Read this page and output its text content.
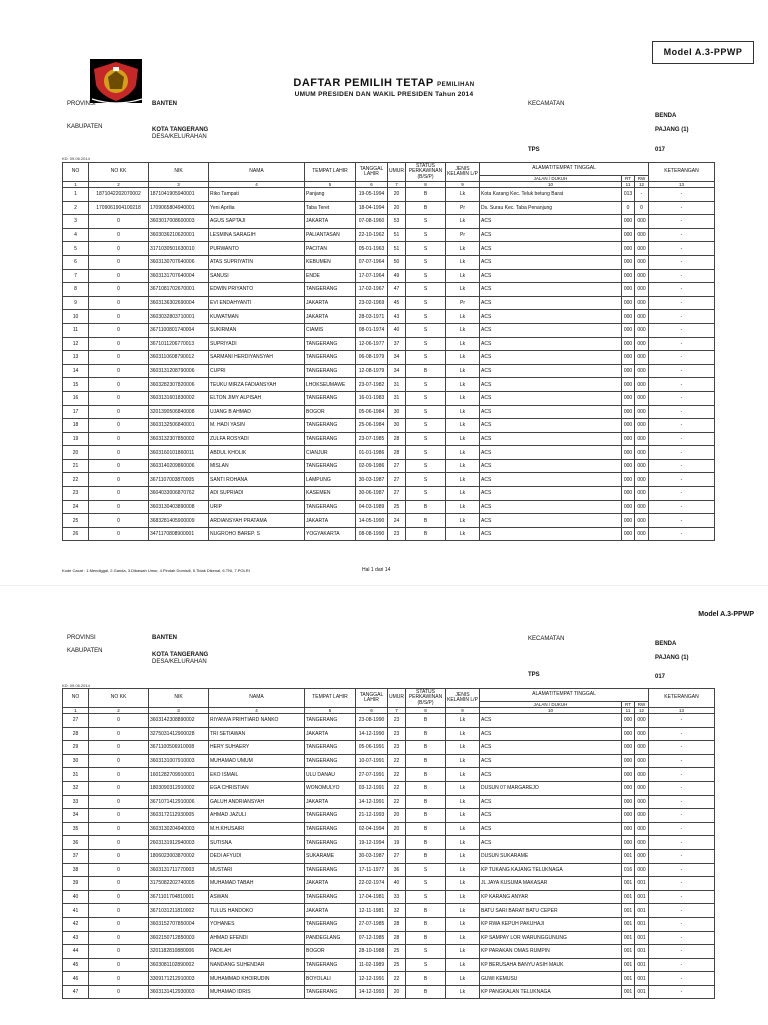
Model A.3-PPWP
DAFTAR PEMILIH TETAP PEMILIHAN
UMUM PRESIDEN DAN WAKIL PRESIDEN Tahun 2014
PROVINSI	BANTEN	KECAMATAN
BENDA
KABUPATEN	KOTA TANGERANG	PAJANG (1)
DESA/KELURAHAN
TPS	017
KD: 09.06.2014
NO	NO KK	NIK	NAMA	TEMPAT LAHIR	TANGGAL LAHIR	UMUR	STATUS PERKAWINAN (B/S/P)	JENIS KELAMIN L/P	ALAMAT/TEMPAT TINGGAL			KETERANGAN
									JALAN / DUKUH	RT	RW	
1	2	3	4	5	6	7	8	9	10	11	12	13
1	1871042202070002	1871041905940001	Riko Tampati	Panjang	19-05-1994	20	B	Lk	Kota Karang Kec. Teluk betung Barat	013	-	-
2	1709061904100218	1709065804940001	Yeni Aprilia	Taba Teret	18-04-1994	20	B	Pr	Ds. Surau Kec. Taba Penanjung	0	0	-
3	0	3603017008600003	AGUS SAPTAJI	JAKARTA	07-08-1960	53	S	Lk	ACS	000	000	-
4	0	3603036210620001	LESMINA SARAGIH	PALIANTASAN	22-10-1962	51	S	Pr	ACS	000	000	-
5	0	3171030501630010	PURWANTO	PACITAN	05-01-1963	51	S	Lk	ACS	000	000	-
6	0	3603130707640006	ATAS SUPRIYATIN	KEBUMEN	07-07-1964	50	S	Lk	ACS	000	000	-
7	0	3603131707640004	SANUSI	ENDE	17-07-1964	49	S	Lk	ACS	000	000	-
8	0	3671081702670001	EDWIN PRIYANTO	TANGERANG	17-02-1967	47	S	Lk	ACS	000	000	-
9	0	3603136302690004	EVI ENDAHYANTI	JAKARTA	23-02-1969	45	S	Pr	ACS	000	000	-
10	0	3603032803710001	KUWATMAN	JAKARTA	28-03-1971	43	S	Lk	ACS	000	000	-
11	0	3671100801740004	SUKIRMAN	CIAMIS	08-01-1974	40	S	Lk	ACS	000	000	-
12	0	3671011206770013	SUPRIYADI	TANGERANG	12-06-1977	37	S	Lk	ACS	000	000	-
13	0	3603110608790012	SARMANI HERDIYANSYAH	TANGERANG	06-08-1979	34	S	Lk	ACS	000	000	-
14	0	3603131208790006	CUPRI	TANGERANG	12-08-1979	34	B	Lk	ACS	000	000	-
15	0	3603282307820006	TEUKU MIRZA FADIANSYAH	LHOKSEUMAWE	23-07-1982	31	S	Lk	ACS	000	000	-
16	0	3603131601830002	ELTON JIMY ALPISAH	TANGERANG	16-01-1983	31	S	Lk	ACS	000	000	-
17	0	3201390506840008	UJANG B AHMAD	BOGOR	05-06-1984	30	S	Lk	ACS	000	000	-
18	0	3603132506840001	M. HADI YASIN	TANGERANG	25-06-1984	30	S	Lk	ACS	000	000	-
19	0	3603132307850002	ZULFA ROSYADI	TANGERANG	23-07-1985	28	S	Lk	ACS	000	000	-
20	0	3603160101860011	ABDUL KHOLIK	CIANJUR	01-01-1986	28	S	Lk	ACS	000	000	-
21	0	3603140209860006	MISLAN	TANGERANG	02-09-1986	27	S	Lk	ACS	000	000	-
22	0	3671107003870005	SANTI ROHANA	LAMPUNG	30-03-1987	27	S	Lk	ACS	000	000	-
23	0	3604033006870762	ADI SUPRIADI	KASEMEN	30-06-1987	27	S	Lk	ACS	000	000	-
24	0	3603130403890008	URIP	TANGERANG	04-03-1989	25	B	Lk	ACS	000	000	-
25	0	3683281405900009	ARDIANSYAH PRATAMA	JAKARTA	14-05-1990	24	B	Lk	ACS	000	000	-
26	0	3471170808900001	NUGROHO BAREP. S	YOGYAKARTA	08-08-1990	23	B	Lk	ACS	000	000	-
Kode Cacat : 1.Mendiggal, 2.Ganda, 3.Dibawah Umur, 4.Pindah Domisili, 5.Tidak Dikenal, 6.TNI, 7.POLRI	Hal 1 dari 14
Model A.3-PPWP
PROVINSI	BANTEN	KECAMATAN
BENDA
KABUPATEN
KOTA TANGERANG	PAJANG (1)
DESA/KELURAHAN
TPS	017
KD: 09.06.2014
NO	NO KK	NIK	NAMA	TEMPAT LAHIR	TANGGAL LAHIR	UMUR	STATUS PERKAWINAN (B/S/P)	JENIS KELAMIN L/P	ALAMAT/TEMPAT TINGGAL			KETERANGAN
									JALAN / DUKUH	RT	RW	
1	2	3	4	5	6	7	8	9	10	11	12	13
27	0	3603142308890002	RIYANVA PRIHTIARD NANKO	TANGERANG	23-08-1990	23	B	Lk	ACS	000	000	-
28	0	3275031412900028	TRI SETIAWAN	JAKARTA	14-12-1990	23	B	Lk	ACS	000	000	-
29	0	3671100506910008	HERY SUHAERY	TANGERANG	05-06-1991	23	B	Lk	ACS	000	000	-
30	0	3603131007910003	MUHAMAD UMUM	TANGERANG	10-07-1991	22	B	Lk	ACS	000	000	-
31	0	1601282709910001	EKO ISMAIL	ULU DANAU	27-07-1991	22	B	Lk	ACS	000	000	-
32	0	1803090312910002	EGA CHRISTIAN	WONOMULYO	03-12-1991	22	B	Lk	DUSUN 07 MARGAREJO	000	000	-
33	0	3671071412910006	GALUH ANDRIANSYAH	JAKARTA	14-12-1991	22	B	Lk	ACS	000	000	-
34	0	3603172112930005	AHMAD JAZULI	TANGERANG	21-12-1993	20	B	Lk	ACS	000	000	-
35	0	3603130204940003	M.H.KHUSAIRI	TANGERANG	02-04-1994	20	B	Lk	ACS	000	000	-
36	0	2603131912940003	SUTISNA	TANGERANG	19-12-1994	19	B	Lk	ACS	000	000	-
37	0	1806023003870002	DEDI AFYUDI	SUKARAME	30-03-1987	27	B	Lk	DUSUN SUKARAME	001	000	-
38	0	3603131711770003	MUSTARI	TANGERANG	17-11-1977	36	S	Lk	KP TUKANG KAJANG TELUKNAGA	016	000	-
39	0	3175082202740005	MUHAMAD TABAH	JAKARTA	22-02-1974	40	S	Lk	JL JAYA KUSUMA MAKASAR	001	001	-
40	0	3671101704810001	ASWAN	TANGERANG	17-04-1981	33	S	Lk	KP KARANG ANYAR	001	001	-
41	0	3671031211810002	TULUS HANDOKO	JAKARTA	12-11-1981	32	B	Lk	BATU SARI BARAT BATU CEPER	001	001	-
42	0	3603152707850004	YOHANES	TANGERANG	27-07-1985	28	B	Lk	KP RWA KEPUH PAKUHAJI	001	001	-
43	0	3602150712850003	AHMAD EFENDI	PANDEGLANG	07-12-1985	28	B	Lk	KP SAMPAY LOR WARUNGGUNUNG	001	001	-
44	0	3201182810880006	PADILAH	BOGOR	28-10-1988	25	S	Lk	KP PARAKAN OMAS RUMPIN	001	001	-
45	0	3603081102890002	NANDANG SUHENDAR	TANGERANG	11-02-1989	25	S	Lk	KP BERUSAHA BANYU ASIH MAUK	001	001	-
46	0	3309171212910003	MUHAMMAD KHOIRUDIN	BOYOLALI	12-12-1991	22	B	Lk	GUWI KEMUSU	001	001	-
47	0	3603131412930003	MUHAMAD IDRIS	TANGERANG	14-12-1993	20	B	Lk	KP PANGKALAN TELUKNAGA	001	001	-
